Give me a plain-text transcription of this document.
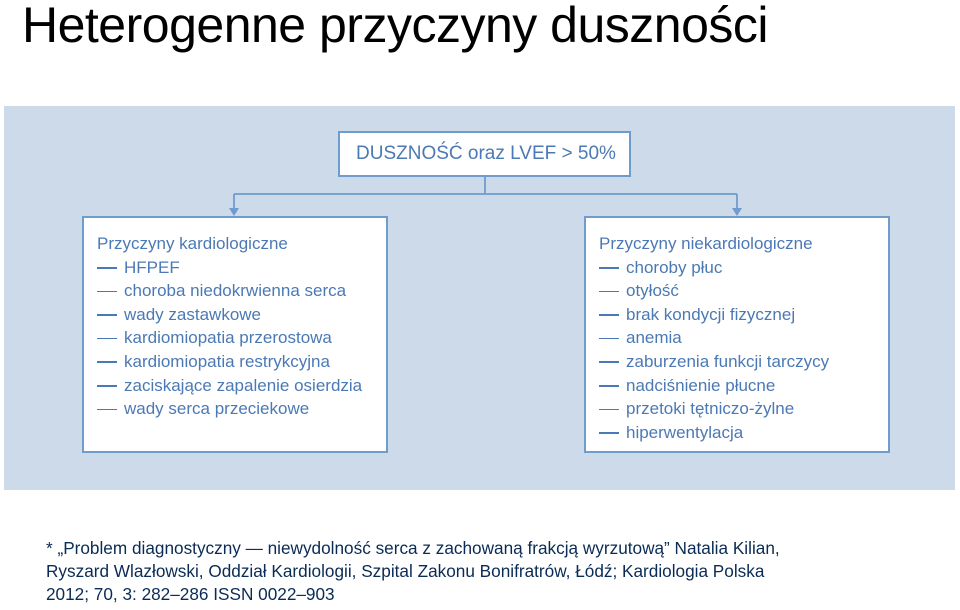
Heterogenne przyczyny duszności
DUSZNOŚĆ oraz LVEF > 50%
Przyczyny kardiologiczne
HFPEF
choroba niedokrwienna serca
wady zastawkowe
kardiomiopatia przerostowa
kardiomiopatia restrykcyjna
zaciskające zapalenie osierdzia
wady serca przeciekowe
Przyczyny niekardiologiczne
choroby płuc
otyłość
brak kondycji fizycznej
anemia
zaburzenia funkcji tarczycy
nadciśnienie płucne
przetoki tętniczo-żylne
hiperwentylacja
* „Problem diagnostyczny — niewydolność serca z zachowaną frakcją wyrzutową” Natalia Kilian,
Ryszard Wlazłowski, Oddział Kardiologii, Szpital Zakonu Bonifratrów, Łódź; Kardiologia Polska
2012; 70, 3: 282–286 ISSN 0022–903
